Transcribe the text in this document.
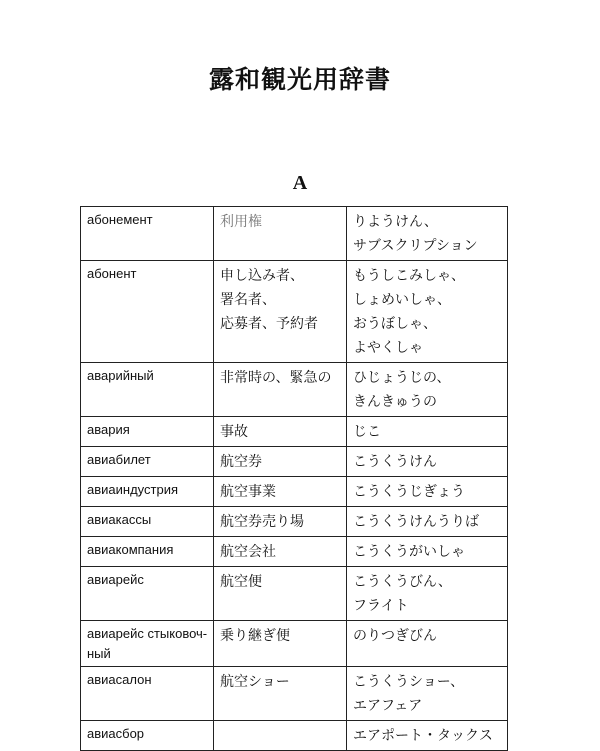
露和観光用辞書
A
абонемент	利用権	りようけん、
サブスクリプション

абонент	申し込み者、
署名者、
応募者、予約者	もうしこみしゃ、
しょめいしゃ、
おうぼしゃ、
よやくしゃ

аварийный	非常時の、緊急の	ひじょうじの、
きんきゅうの

авария	事故	じこ

авиабилет	航空券	こうくうけん

авиаиндустрия	航空事業	こうくうじぎょう

авиакассы	航空券売り場	こうくうけんうりば

авиакомпания	航空会社	こうくうがいしゃ

авиарейс	航空便	こうくうびん、
フライト

авиарейс стыковоч-
ный	乗り継ぎ便	のりつぎびん

авиасалон	航空ショー	こうくうショー、
エアフェア

авиасбор		エアポート・タックス
